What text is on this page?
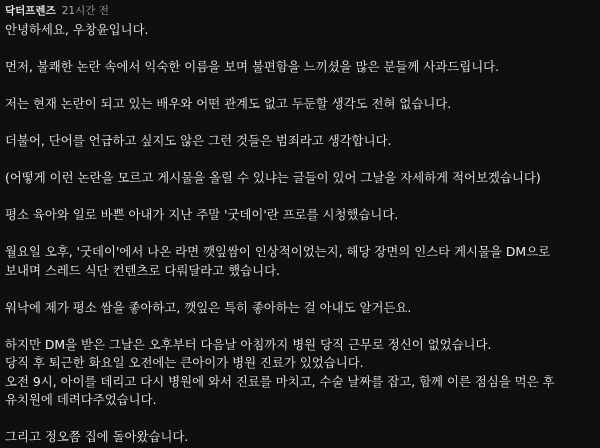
닥터프렌즈 21시간 전

안녕하세요, 우창윤입니다.

먼저, 불쾌한 논란 속에서 익숙한 이름을 보며 불편함을 느끼셨을 많은 분들께 사과드립니다.

저는 현재 논란이 되고 있는 배우와 어떤 관계도 없고 두둔할 생각도 전혀 없습니다.

더불어, 단어를 언급하고 싶지도 않은 그런 것들은 범죄라고 생각합니다.

(어떻게 이런 논란을 모르고 게시물을 올릴 수 있냐는 글들이 있어 그날을 자세하게 적어보겠습니다)

평소 육아와 일로 바쁜 아내가 지난 주말 '굿데이'란 프로를 시청했습니다.

월요일 오후, '굿데이'에서 나온 라면 깻잎쌈이 인상적이었는지, 해당 장면의 인스타 게시물을 DM으로
보내며 스레드 식단 컨텐츠로 다뤄달라고 했습니다.

워낙에 제가 평소 쌈을 좋아하고, 깻잎은 특히 좋아하는 걸 아내도 알거든요.

하지만 DM을 받은 그날은 오후부터 다음날 아침까지 병원 당직 근무로 정신이 없었습니다.
당직 후 퇴근한 화요일 오전에는 큰아이가 병원 진료가 있었습니다.
오전 9시, 아이를 데리고 다시 병원에 와서 진료를 마치고, 수술 날짜를 잡고, 함께 이른 점심을 먹은 후
유치원에 데려다주었습니다.

그리고 정오쯤 집에 돌아왔습니다.
